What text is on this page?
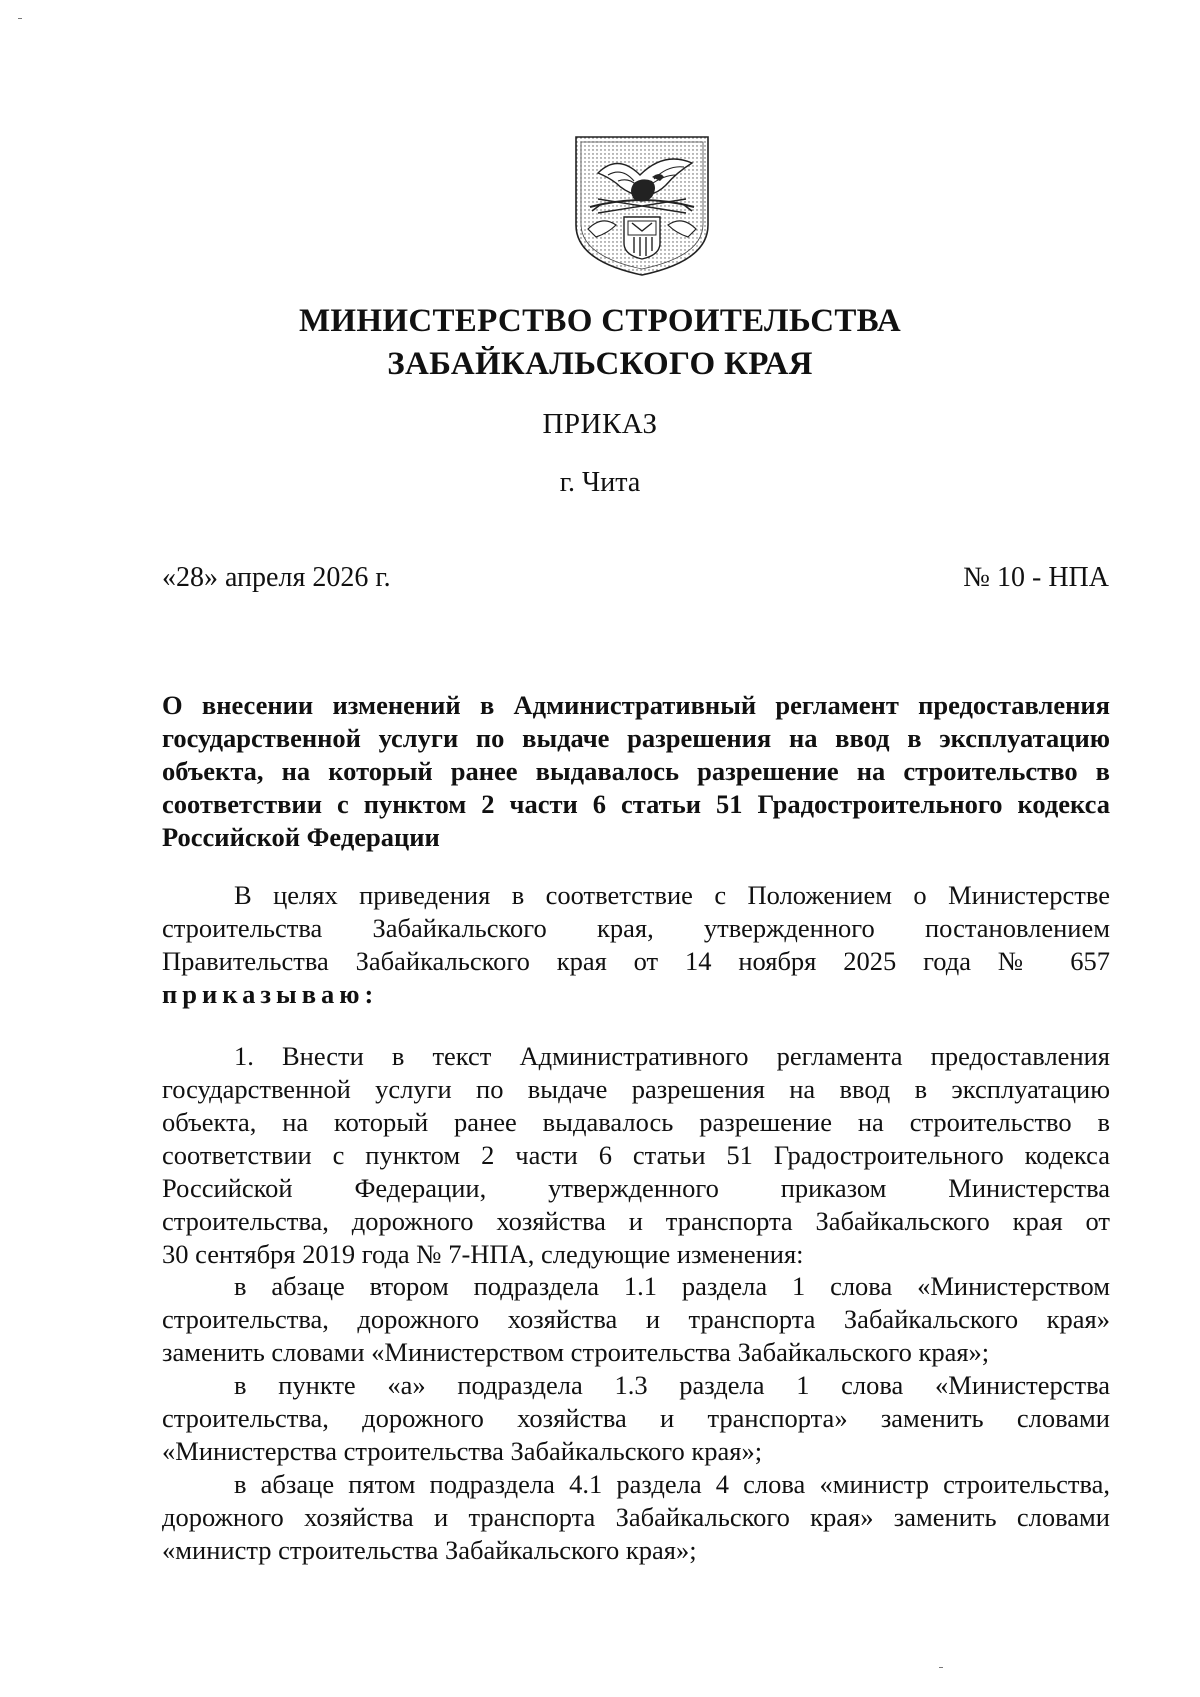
МИНИСТЕРСТВО СТРОИТЕЛЬСТВА
ЗАБАЙКАЛЬСКОГО КРАЯ
ПРИКАЗ
г. Чита
«28» апреля 2026 г.	№ 10 - НПА
О внесении изменений в Административный регламент предоставления
государственной услуги по выдаче разрешения на ввод в эксплуатацию
объекта, на который ранее выдавалось разрешение на строительство в
соответствии с пунктом 2 части 6 статьи 51 Градостроительного кодекса
Российской Федерации
В целях приведения в соответствие с Положением о Министерстве
строительства Забайкальского края, утвержденного постановлением
Правительства Забайкальского края от 14 ноября 2025 года № 657
приказываю:
1. Внести в текст Административного регламента предоставления
государственной услуги по выдаче разрешения на ввод в эксплуатацию
объекта, на который ранее выдавалось разрешение на строительство в
соответствии с пунктом 2 части 6 статьи 51 Градостроительного кодекса
Российской Федерации, утвержденного приказом Министерства
строительства, дорожного хозяйства и транспорта Забайкальского края от
30 сентября 2019 года № 7-НПА, следующие изменения:
в абзаце втором подраздела 1.1 раздела 1 слова «Министерством
строительства, дорожного хозяйства и транспорта Забайкальского края»
заменить словами «Министерством строительства Забайкальского края»;
в пункте «а» подраздела 1.3 раздела 1 слова «Министерства
строительства, дорожного хозяйства и транспорта» заменить словами
«Министерства строительства Забайкальского края»;
в абзаце пятом подраздела 4.1 раздела 4 слова «министр строительства,
дорожного хозяйства и транспорта Забайкальского края» заменить словами
«министр строительства Забайкальского края»;
